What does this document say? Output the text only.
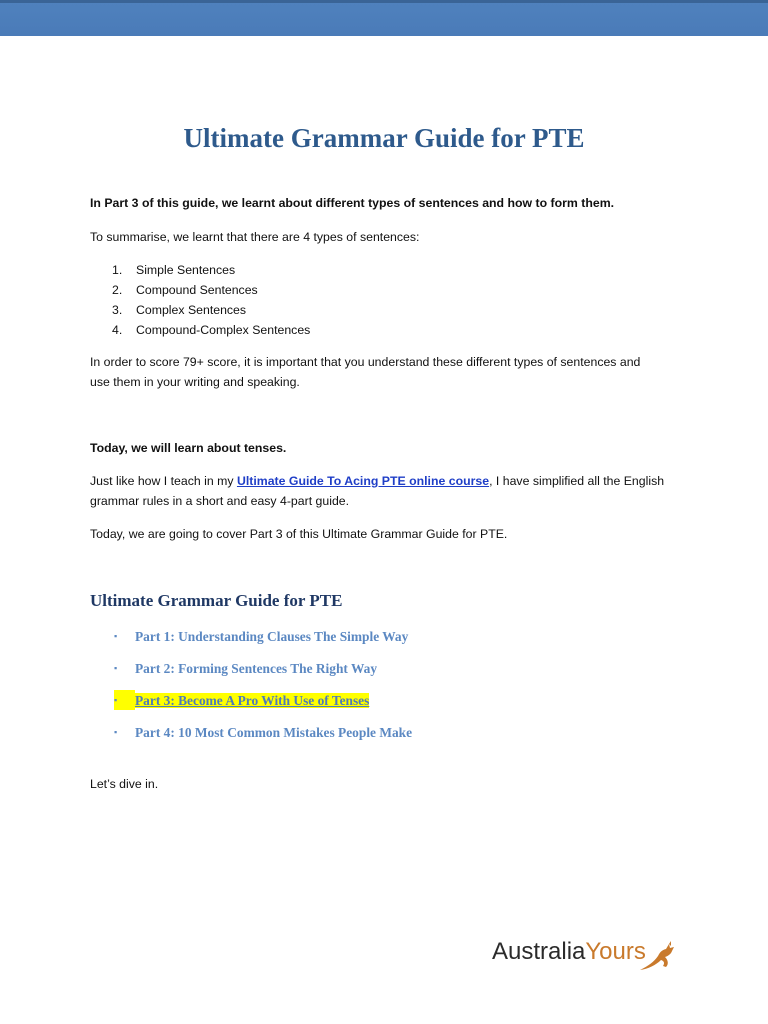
Ultimate Grammar Guide for PTE
In Part 3 of this guide, we learnt about different types of sentences and how to form them.
To summarise, we learnt that there are 4 types of sentences:
1. Simple Sentences
2. Compound Sentences
3. Complex Sentences
4. Compound-Complex Sentences
In order to score 79+ score, it is important that you understand these different types of sentences and
use them in your writing and speaking.
Today, we will learn about tenses.
Just like how I teach in my Ultimate Guide To Acing PTE online course, I have simplified all the English
grammar rules in a short and easy 4-part guide.
Today, we are going to cover Part 3 of this Ultimate Grammar Guide for PTE.
Ultimate Grammar Guide for PTE
▪ Part 1: Understanding Clauses The Simple Way
▪ Part 2: Forming Sentences The Right Way
▪ Part 3: Become A Pro With Use of Tenses
▪ Part 4: 10 Most Common Mistakes People Make
Let’s dive in.
AustraliaYours
